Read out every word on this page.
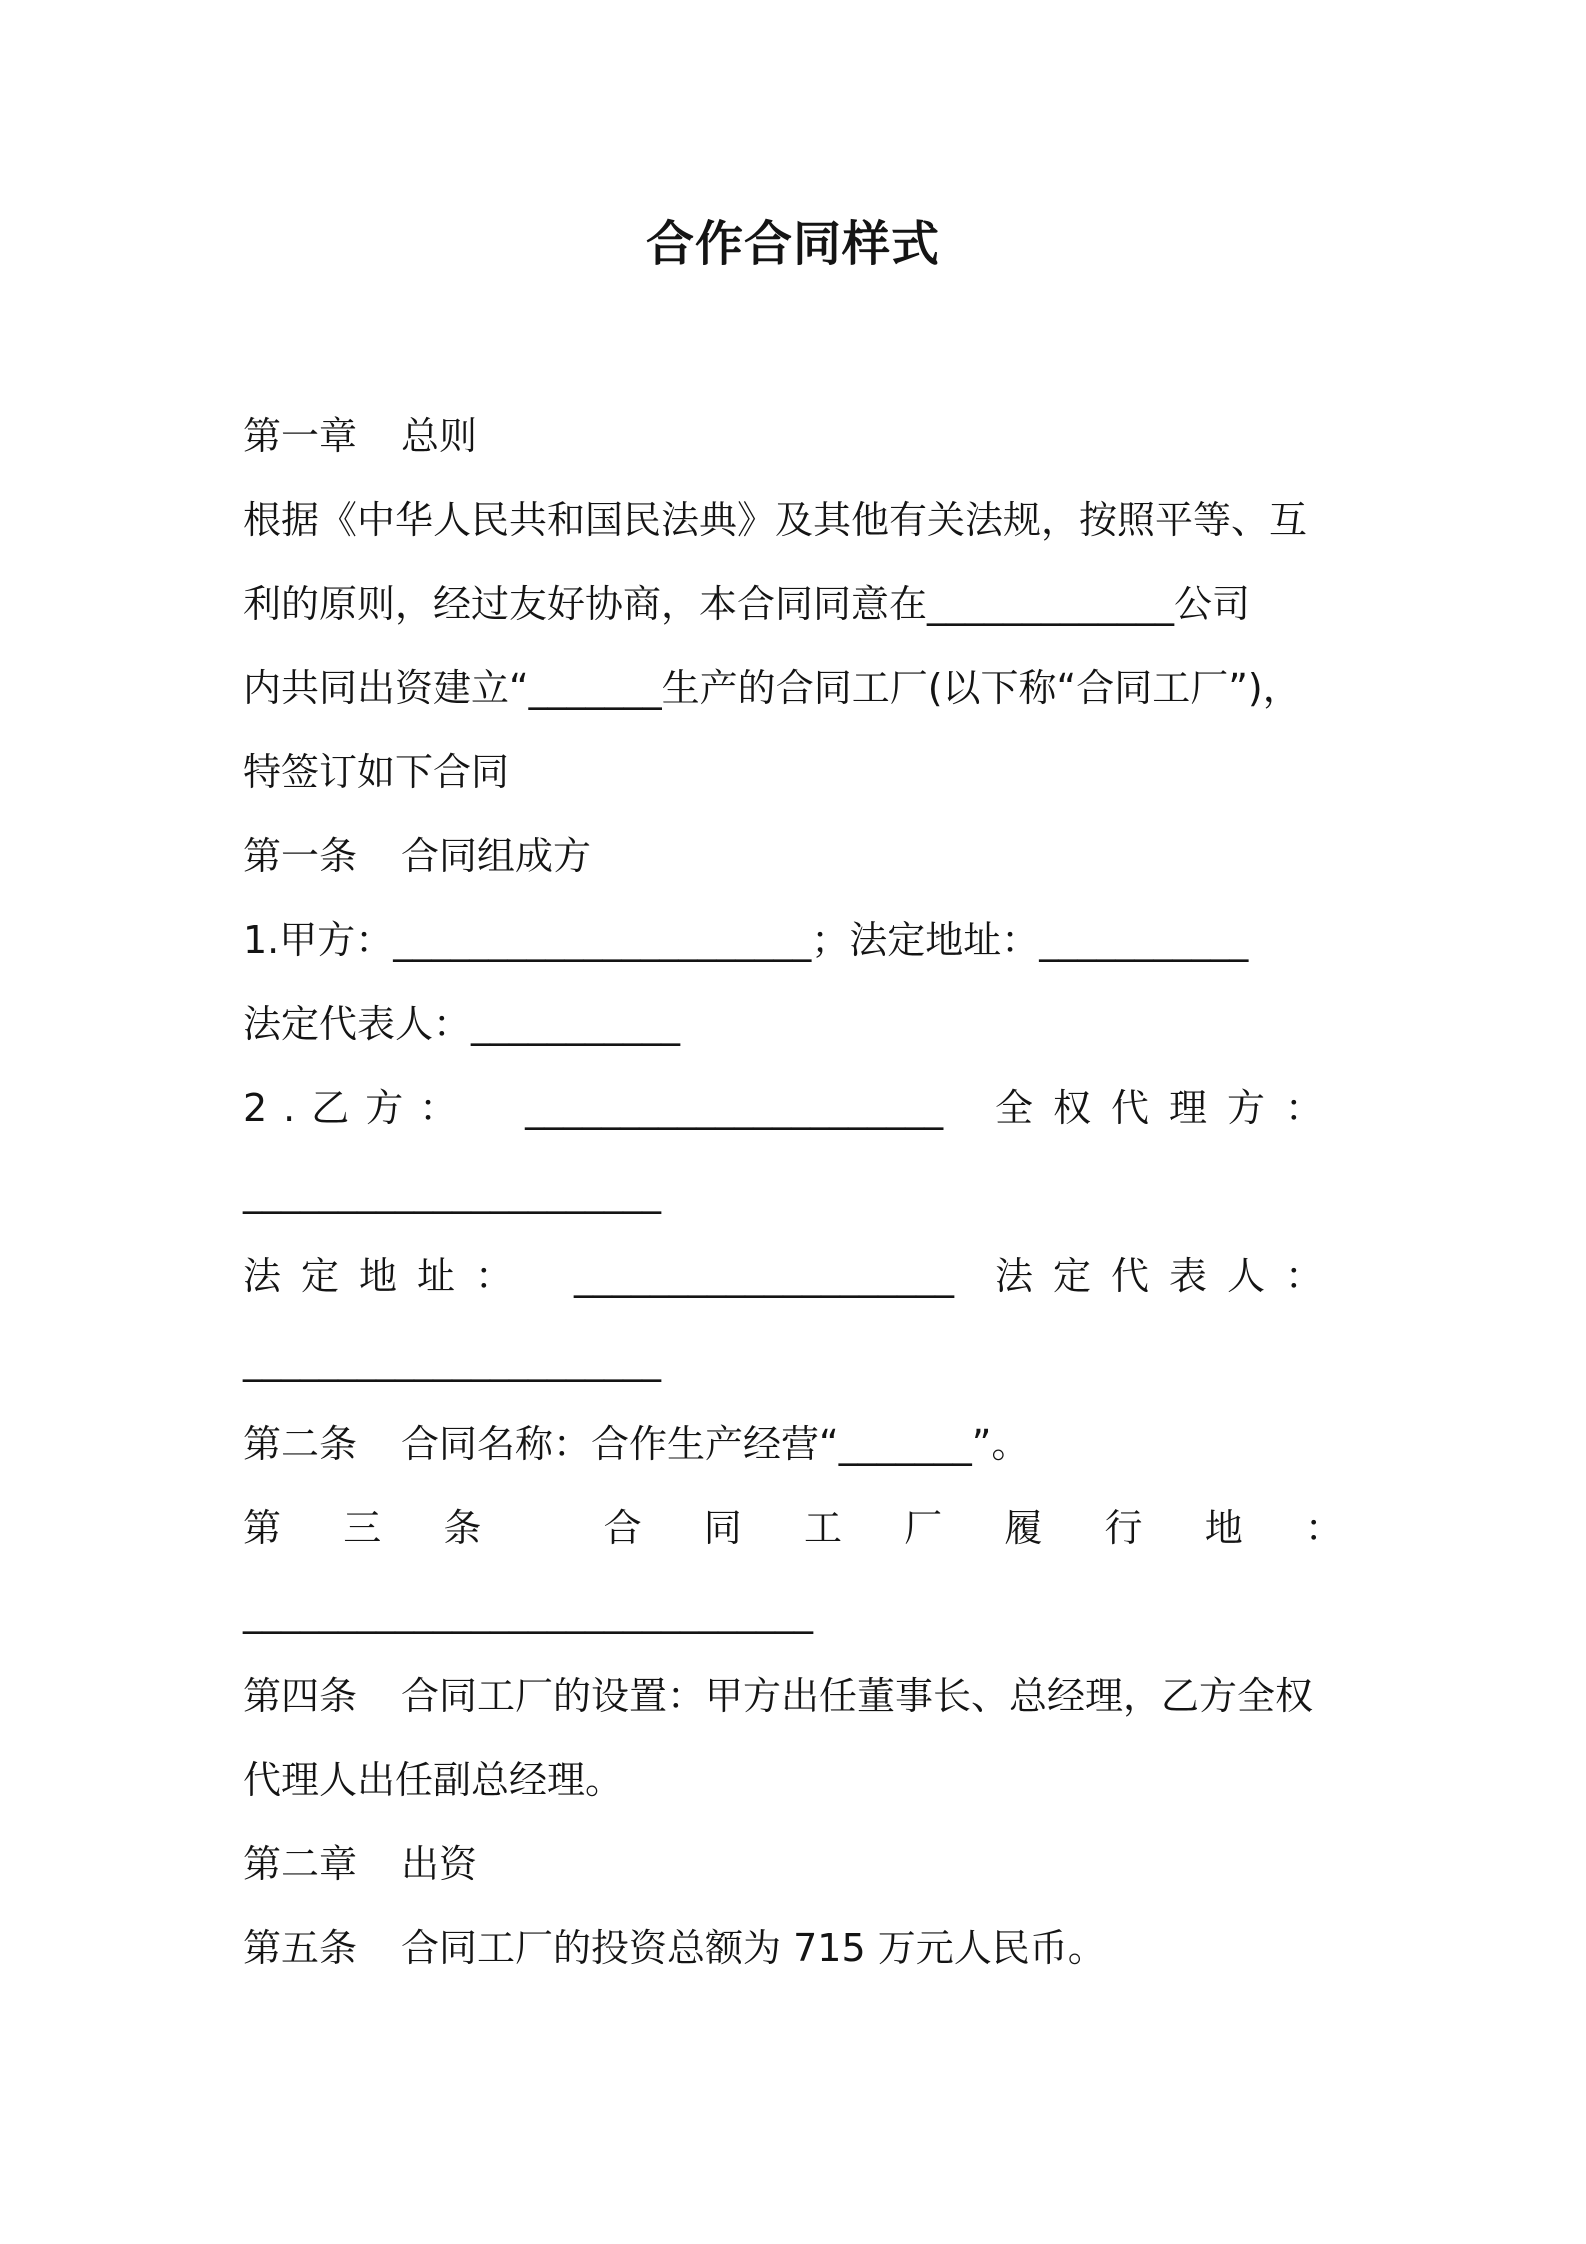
合作合同样式
第一章 总则
根据《中华人民共和国民法典》及其他有关法规，按照平等、互
利的原则，经过友好协商，本合同同意在_____________公司
内共同出资建立“_______生产的合同工厂(以下称“合同工厂”)，
特签订如下合同
第一条 合同组成方
1.甲方：______________________；法定地址：___________
法定代表人：___________
2.乙方： ______________________ 全权代理方：
______________________
法定地址： ____________________ 法定代表人：
______________________
第二条 合同名称：合作生产经营“_______”。
第 三 条	合 同 工 厂 履 行 地 ：
______________________________
第四条 合同工厂的设置：甲方出任董事长、总经理，乙方全权
代理人出任副总经理。
第二章 出资
第五条 合同工厂的投资总额为 715 万元人民币。
